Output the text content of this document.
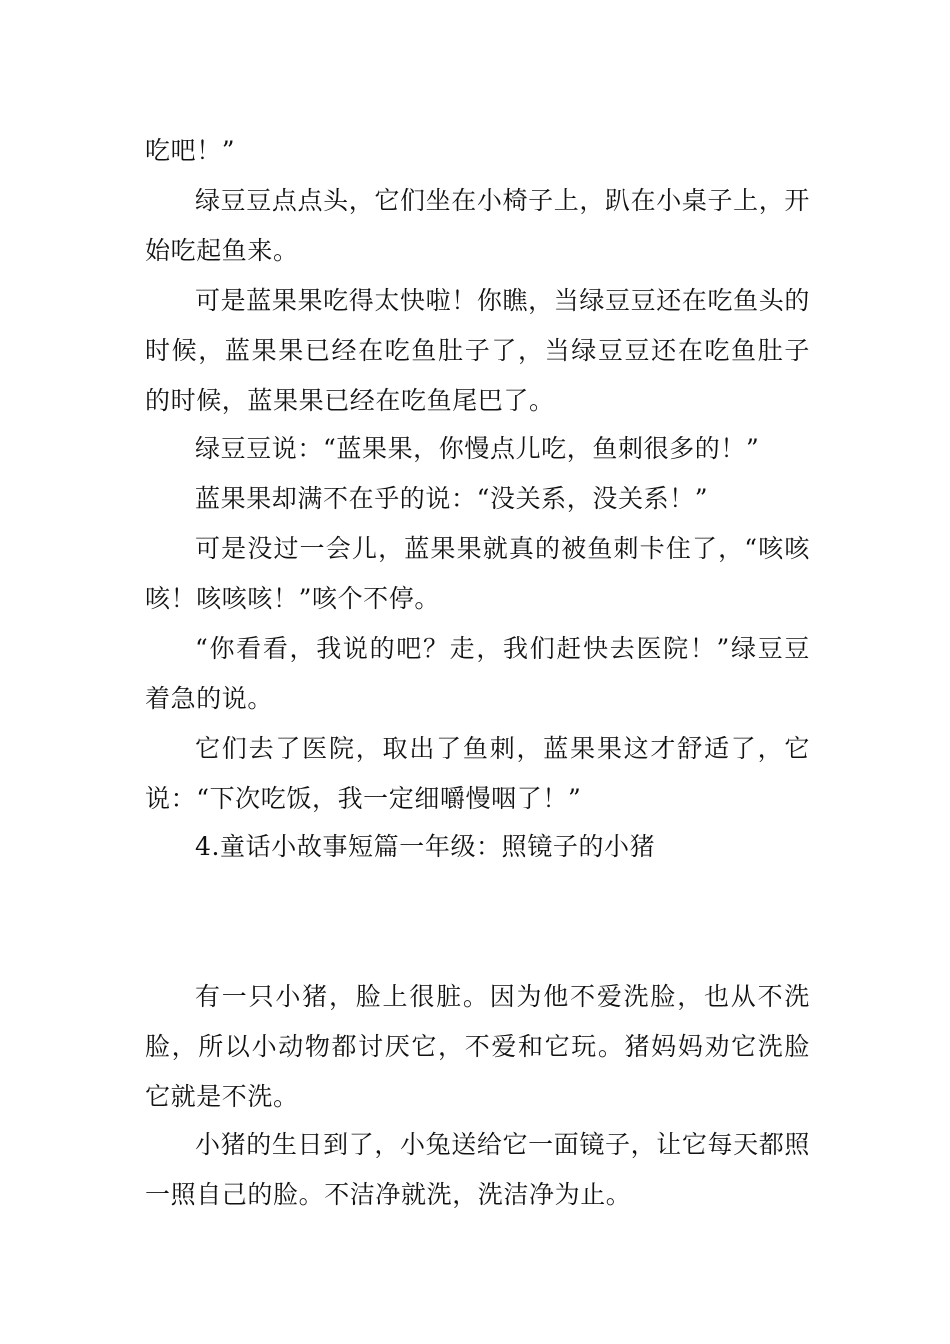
吃吧！”

绿豆豆点点头，它们坐在小椅子上，趴在小桌子上，开始吃起鱼来。

可是蓝果果吃得太快啦！你瞧，当绿豆豆还在吃鱼头的时候，蓝果果已经在吃鱼肚子了，当绿豆豆还在吃鱼肚子的时候，蓝果果已经在吃鱼尾巴了。

绿豆豆说：“蓝果果，你慢点儿吃，鱼刺很多的！”

蓝果果却满不在乎的说：“没关系，没关系！”

可是没过一会儿，蓝果果就真的被鱼刺卡住了，“咳咳咳！咳咳咳！”咳个不停。

“你看看，我说的吧？走，我们赶快去医院！”绿豆豆着急的说。

它们去了医院，取出了鱼刺，蓝果果这才舒适了，它说：“下次吃饭，我一定细嚼慢咽了！”

4.童话小故事短篇一年级：照镜子的小猪

有一只小猪，脸上很脏。因为他不爱洗脸，也从不洗脸，所以小动物都讨厌它，不爱和它玩。猪妈妈劝它洗脸它就是不洗。

小猪的生日到了，小兔送给它一面镜子，让它每天都照一照自己的脸。不洁净就洗，洗洁净为止。
